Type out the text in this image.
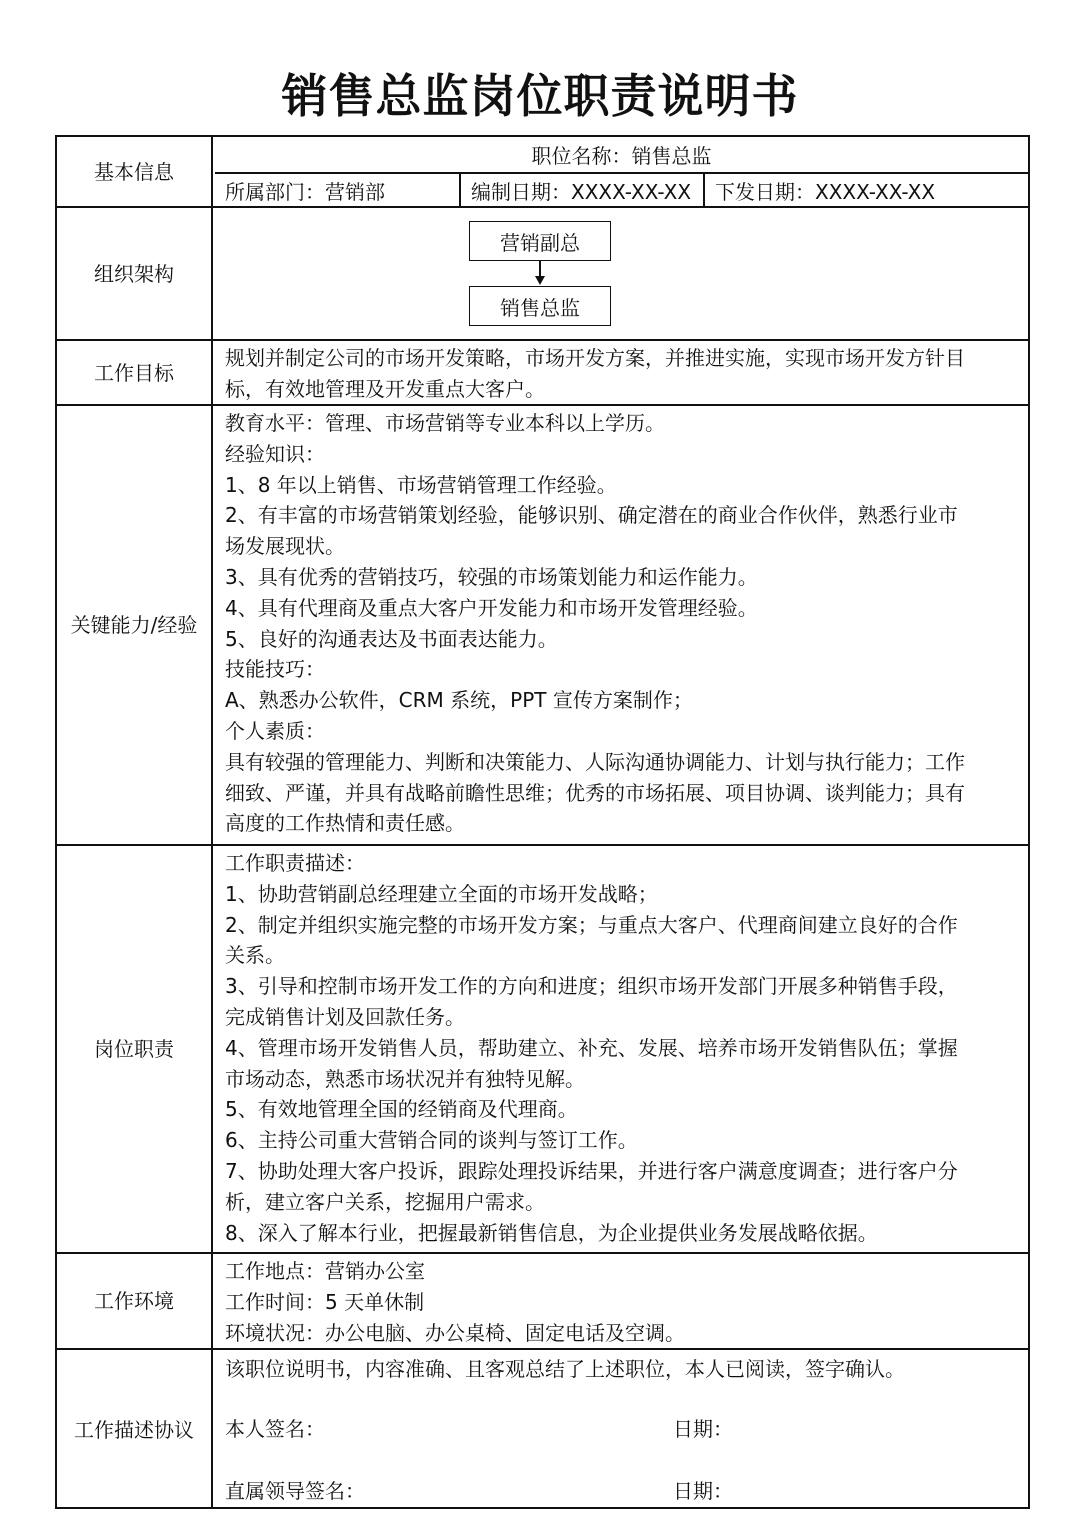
销售总监岗位职责说明书
基本信息
职位名称：销售总监
所属部门：营销部	编制日期：XXXX-XX-XX	下发日期：XXXX-XX-XX
组织架构
营销副总
销售总监
工作目标
规划并制定公司的市场开发策略，市场开发方案，并推进实施，实现市场开发方针目
标，有效地管理及开发重点大客户。
关键能力/经验
教育水平：管理、市场营销等专业本科以上学历。
经验知识：
1、8 年以上销售、市场营销管理工作经验。
2、有丰富的市场营销策划经验，能够识别、确定潜在的商业合作伙伴，熟悉行业市
场发展现状。
3、具有优秀的营销技巧，较强的市场策划能力和运作能力。
4、具有代理商及重点大客户开发能力和市场开发管理经验。
5、良好的沟通表达及书面表达能力。
技能技巧：
A、熟悉办公软件，CRM 系统，PPT 宣传方案制作；
个人素质：
具有较强的管理能力、判断和决策能力、人际沟通协调能力、计划与执行能力；工作
细致、严谨，并具有战略前瞻性思维；优秀的市场拓展、项目协调、谈判能力；具有
高度的工作热情和责任感。
岗位职责
工作职责描述：
1、协助营销副总经理建立全面的市场开发战略；
2、制定并组织实施完整的市场开发方案；与重点大客户、代理商间建立良好的合作
关系。
3、引导和控制市场开发工作的方向和进度；组织市场开发部门开展多种销售手段，
完成销售计划及回款任务。
4、管理市场开发销售人员，帮助建立、补充、发展、培养市场开发销售队伍；掌握
市场动态，熟悉市场状况并有独特见解。
5、有效地管理全国的经销商及代理商。
6、主持公司重大营销合同的谈判与签订工作。
7、协助处理大客户投诉，跟踪处理投诉结果，并进行客户满意度调查；进行客户分
析，建立客户关系，挖掘用户需求。
8、深入了解本行业，把握最新销售信息，为企业提供业务发展战略依据。
工作环境
工作地点：营销办公室
工作时间：5 天单休制
环境状况：办公电脑、办公桌椅、固定电话及空调。
工作描述协议
该职位说明书，内容准确、且客观总结了上述职位，本人已阅读，签字确认。
本人签名：	日期：
直属领导签名：	日期：
